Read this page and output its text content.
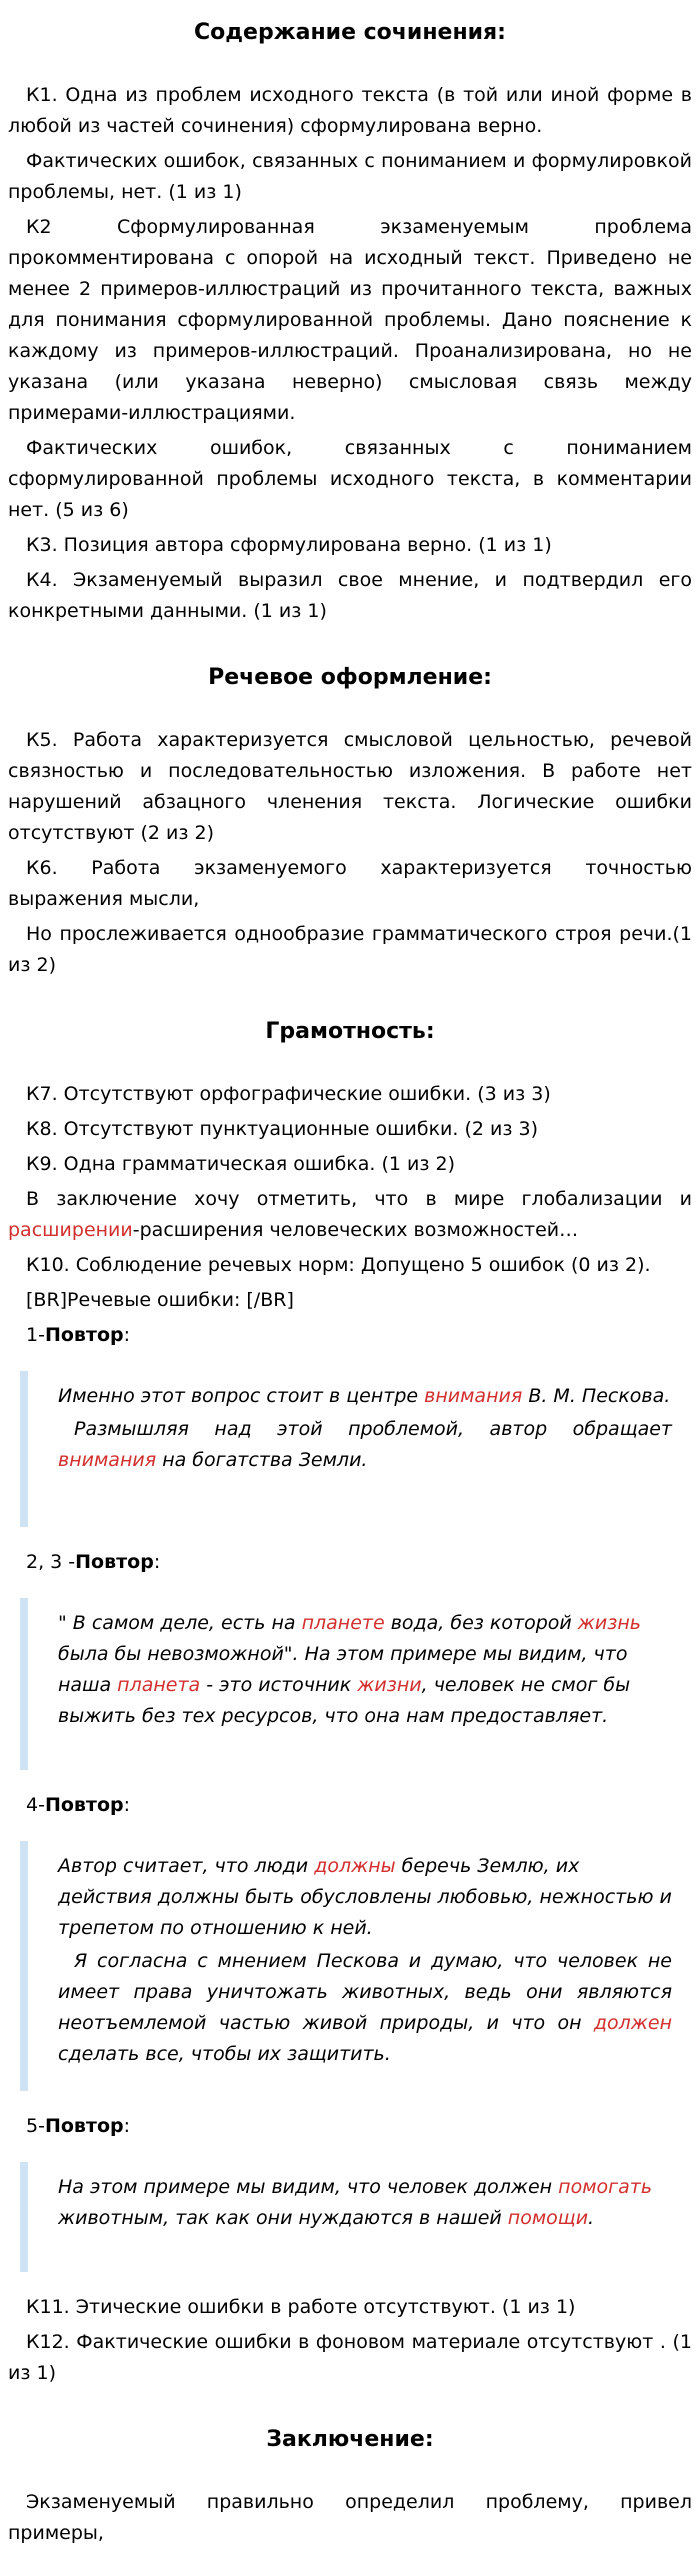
Содержание сочинения:

К1. Одна из проблем исходного текста (в той или иной форме в любой из частей сочинения) сформулирована верно.

Фактических ошибок, связанных с пониманием и формулировкой проблемы, нет. (1 из 1)

К2 Сформулированная экзаменуемым проблема прокомментирована с опорой на исходный текст. Приведено не менее 2 примеров-иллюстраций из прочитанного текста, важных для понимания сформулированной проблемы. Дано пояснение к каждому из примеров-иллюстраций. Проанализирована, но не указана (или указана неверно) смысловая связь между примерами-иллюстрациями.

Фактических ошибок, связанных с пониманием сформулированной проблемы исходного текста, в комментарии нет. (5 из 6)

К3. Позиция автора сформулирована верно. (1 из 1)

К4. Экзаменуемый выразил свое мнение, и подтвердил его конкретными данными. (1 из 1)

Речевое оформление:

К5. Работа характеризуется смысловой цельностью, речевой связностью и последовательностью изложения. В работе нет нарушений абзацного членения текста. Логические ошибки отсутствуют (2 из 2)

К6. Работа экзаменуемого характеризуется точностью выражения мысли,

Но прослеживается однообразие грамматического строя речи.(1 из 2)

Грамотность:

К7. Отсутствуют орфографические ошибки. (3 из 3)

К8. Отсутствуют пунктуационные ошибки. (2 из 3)

К9. Одна грамматическая ошибка. (1 из 2)

В заключение хочу отметить, что в мире глобализации и расширении-расширения человеческих возможностей…

К10. Соблюдение речевых норм: Допущено 5 ошибок (0 из 2).

[BR]Речевые ошибки: [/BR]

1-Повтор:
Именно этот вопрос стоит в центре внимания В. М. Пескова.
Размышляя над этой проблемой, автор обращает внимания на богатства Земли.
2, 3 -Повтор:
" В самом деле, есть на планете вода, без которой жизнь была бы невозможной". На этом примере мы видим, что наша планета - это источник жизни, человек не смог бы выжить без тех ресурсов, что она нам предоставляет.
4-Повтор:
Автор считает, что люди должны беречь Землю, их действия должны быть обусловлены любовью, нежностью и трепетом по отношению к ней.
Я согласна с мнением Пескова и думаю, что человек не имеет права уничтожать животных, ведь они являются неотъемлемой частью живой природы, и что он должен сделать все, чтобы их защитить.
5-Повтор:
На этом примере мы видим, что человек должен помогать животным, так как они нуждаются в нашей помощи.

К11. Этические ошибки в работе отсутствуют. (1 из 1)

К12. Фактические ошибки в фоновом материале отсутствуют . (1 из 1)

Заключение:

Экзаменуемый правильно определил проблему, привел примеры,
